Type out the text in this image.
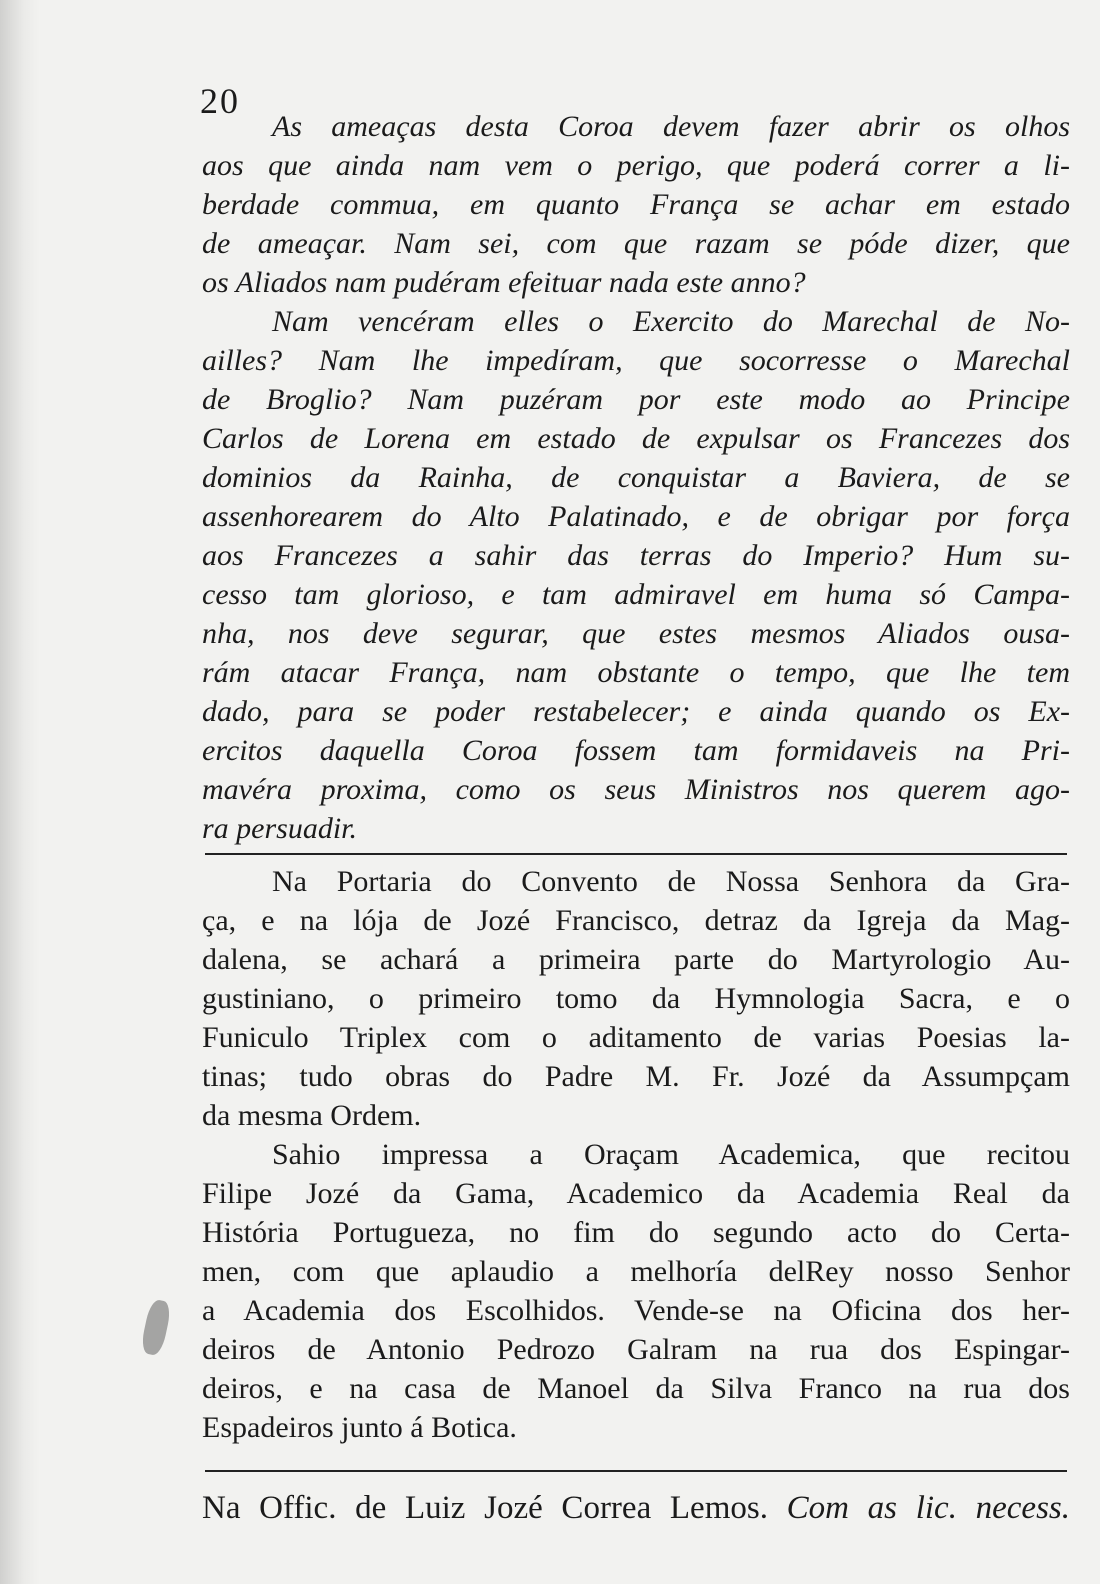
20
As ameaças desta Coroa devem fazer abrir os olhos
aos que ainda nam vem o perigo, que poderá correr a li-
berdade commua, em quanto França se achar em estado
de ameaçar. Nam sei, com que razam se póde dizer, que
os Aliados nam pudéram efeituar nada este anno?
Nam vencéram elles o Exercito do Marechal de No-
ailles? Nam lhe impedíram, que socorresse o Marechal
de Broglio? Nam puzéram por este modo ao Principe
Carlos de Lorena em estado de expulsar os Francezes dos
dominios da Rainha, de conquistar a Baviera, de se
assenhorearem do Alto Palatinado, e de obrigar por força
aos Francezes a sahir das terras do Imperio? Hum su-
cesso tam glorioso, e tam admiravel em huma só Campa-
nha, nos deve segurar, que estes mesmos Aliados ousa-
rám atacar França, nam obstante o tempo, que lhe tem
dado, para se poder restabelecer; e ainda quando os Ex-
ercitos daquella Coroa fossem tam formidaveis na Pri-
mavéra proxima, como os seus Ministros nos querem ago-
ra persuadir.
Na Portaria do Convento de Nossa Senhora da Gra-
ça, e na lója de Jozé Francisco, detraz da Igreja da Mag-
dalena, se achará a primeira parte do Martyrologio Au-
gustiniano, o primeiro tomo da Hymnologia Sacra, e o
Funiculo Triplex com o aditamento de varias Poesias la-
tinas; tudo obras do Padre M. Fr. Jozé da Assumpçam
da mesma Ordem.
Sahio impressa a Oraçam Academica, que recitou
Filipe Jozé da Gama, Academico da Academia Real da
História Portugueza, no fim do segundo acto do Certa-
men, com que aplaudio a melhoría delRey nosso Senhor
a Academia dos Escolhidos. Vende-se na Oficina dos her-
deiros de Antonio Pedrozo Galram na rua dos Espingar-
deiros, e na casa de Manoel da Silva Franco na rua dos
Espadeiros junto á Botica.
Na Offic. de Luiz Jozé Correa Lemos. Com as lic. necess.
